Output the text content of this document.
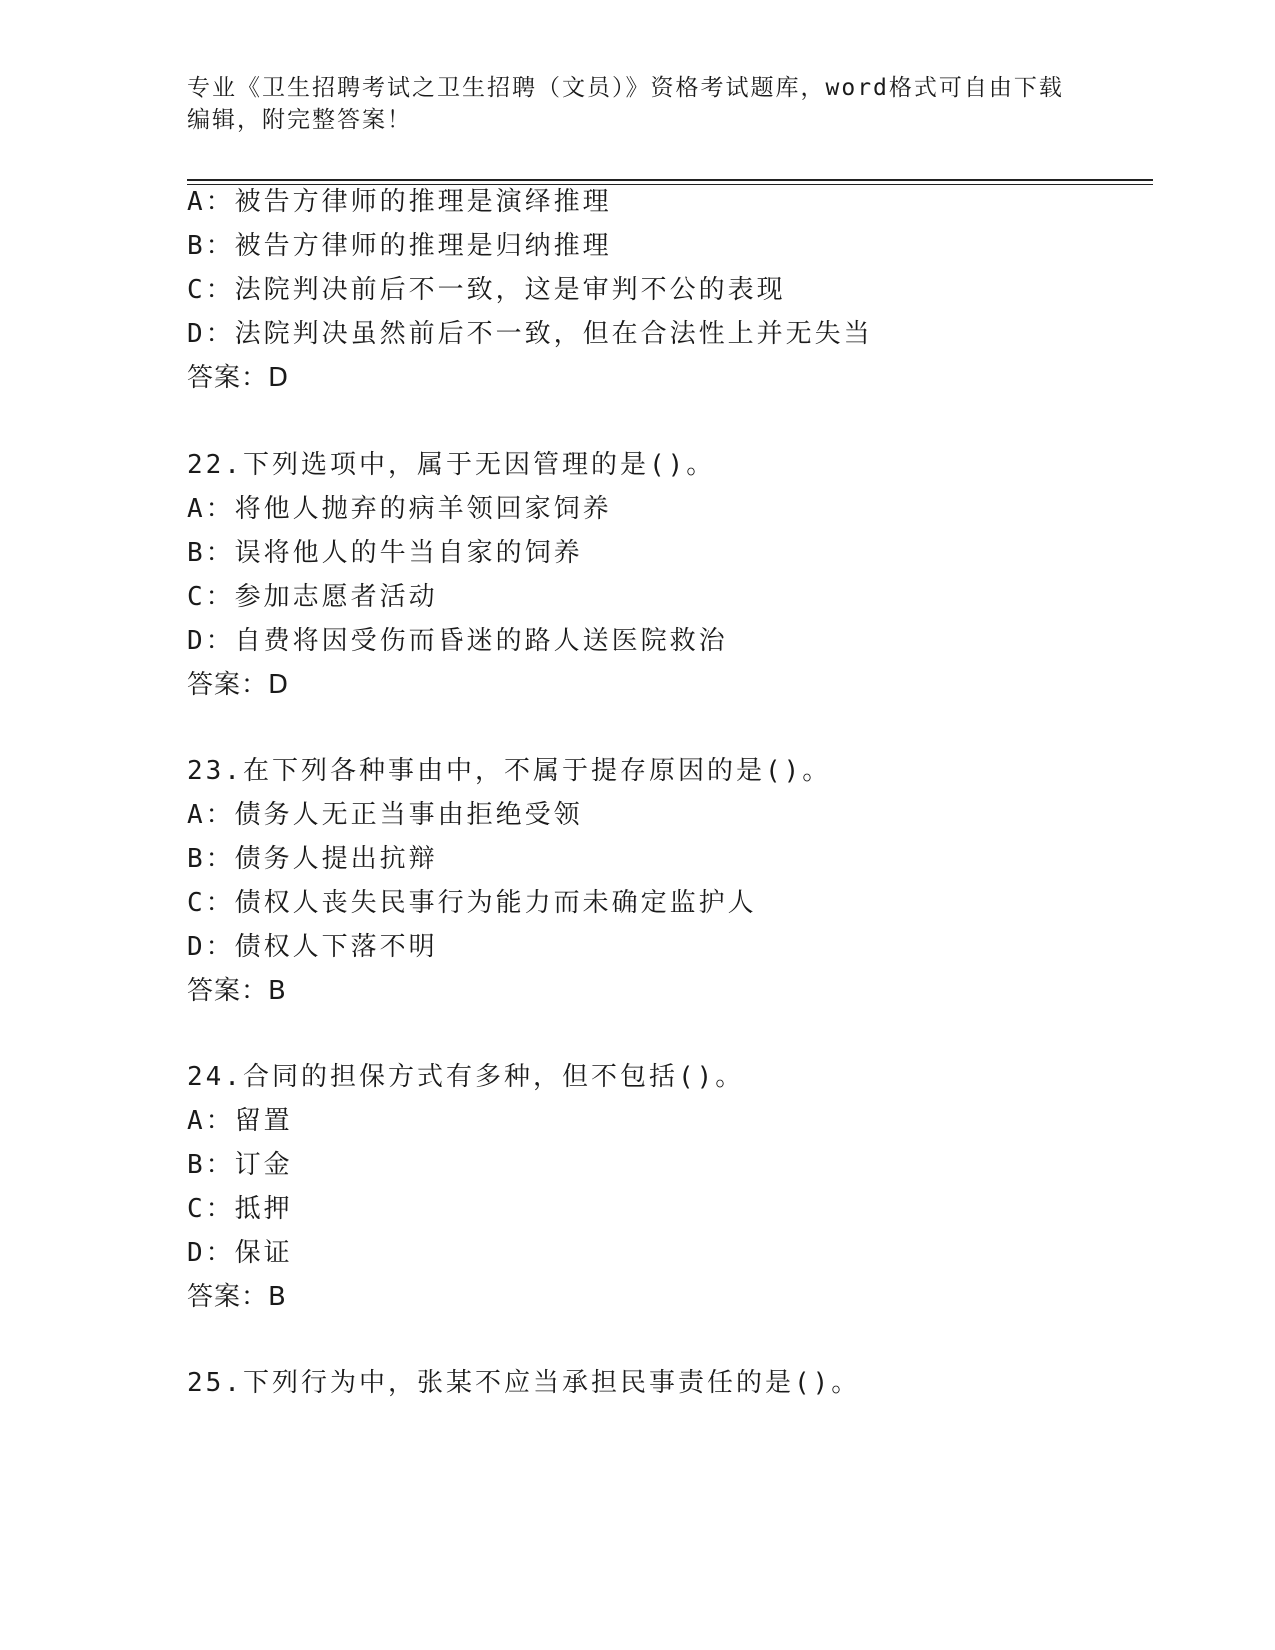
专业《卫生招聘考试之卫生招聘（文员）》资格考试题库，word格式可自由下载
编辑，附完整答案！
A：被告方律师的推理是演绎推理
B：被告方律师的推理是归纳推理
C：法院判决前后不一致，这是审判不公的表现
D：法院判决虽然前后不一致，但在合法性上并无失当
答案：D
22.下列选项中，属于无因管理的是()。
A：将他人抛弃的病羊领回家饲养
B：误将他人的牛当自家的饲养
C：参加志愿者活动
D：自费将因受伤而昏迷的路人送医院救治
答案：D
23.在下列各种事由中，不属于提存原因的是()。
A：债务人无正当事由拒绝受领
B：债务人提出抗辩
C：债权人丧失民事行为能力而未确定监护人
D：债权人下落不明
答案：B
24.合同的担保方式有多种，但不包括()。
A：留置
B：订金
C：抵押
D：保证
答案：B
25.下列行为中，张某不应当承担民事责任的是()。
